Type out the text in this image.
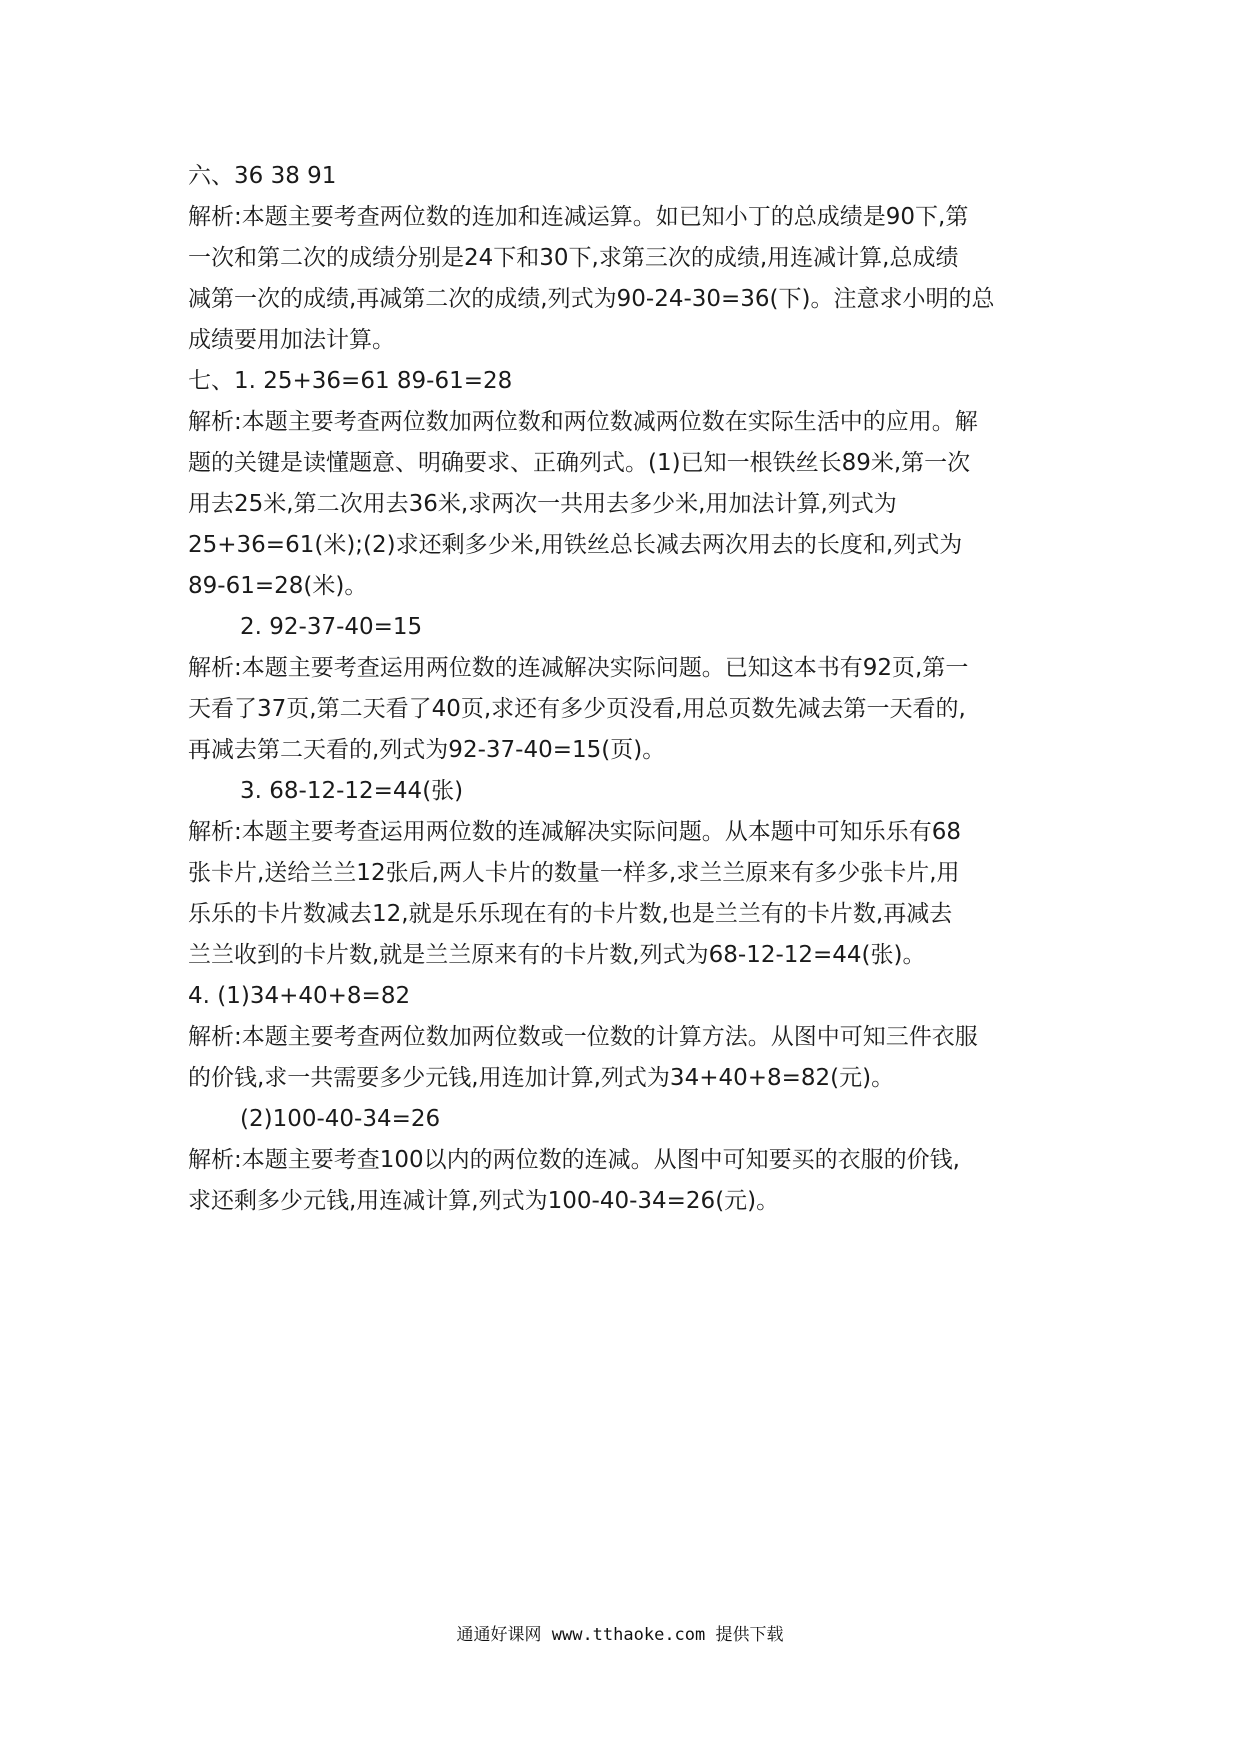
六、36 38 91
解析:本题主要考查两位数的连加和连减运算。如已知小丁的总成绩是90下,第
一次和第二次的成绩分别是24下和30下,求第三次的成绩,用连减计算,总成绩
减第一次的成绩,再减第二次的成绩,列式为90-24-30=36(下)。注意求小明的总
成绩要用加法计算。
七、1. 25+36=61 89-61=28
解析:本题主要考查两位数加两位数和两位数减两位数在实际生活中的应用。解
题的关键是读懂题意、明确要求、正确列式。(1)已知一根铁丝长89米,第一次
用去25米,第二次用去36米,求两次一共用去多少米,用加法计算,列式为
25+36=61(米);(2)求还剩多少米,用铁丝总长减去两次用去的长度和,列式为
89-61=28(米)。
2. 92-37-40=15
解析:本题主要考查运用两位数的连减解决实际问题。已知这本书有92页,第一
天看了37页,第二天看了40页,求还有多少页没看,用总页数先减去第一天看的,
再减去第二天看的,列式为92-37-40=15(页)。
3. 68-12-12=44(张)
解析:本题主要考查运用两位数的连减解决实际问题。从本题中可知乐乐有68
张卡片,送给兰兰12张后,两人卡片的数量一样多,求兰兰原来有多少张卡片,用
乐乐的卡片数减去12,就是乐乐现在有的卡片数,也是兰兰有的卡片数,再减去
兰兰收到的卡片数,就是兰兰原来有的卡片数,列式为68-12-12=44(张)。
4. (1)34+40+8=82
解析:本题主要考查两位数加两位数或一位数的计算方法。从图中可知三件衣服
的价钱,求一共需要多少元钱,用连加计算,列式为34+40+8=82(元)。
(2)100-40-34=26
解析:本题主要考查100以内的两位数的连减。从图中可知要买的衣服的价钱,
求还剩多少元钱,用连减计算,列式为100-40-34=26(元)。
通通好课网 www.tthaoke.com 提供下载
